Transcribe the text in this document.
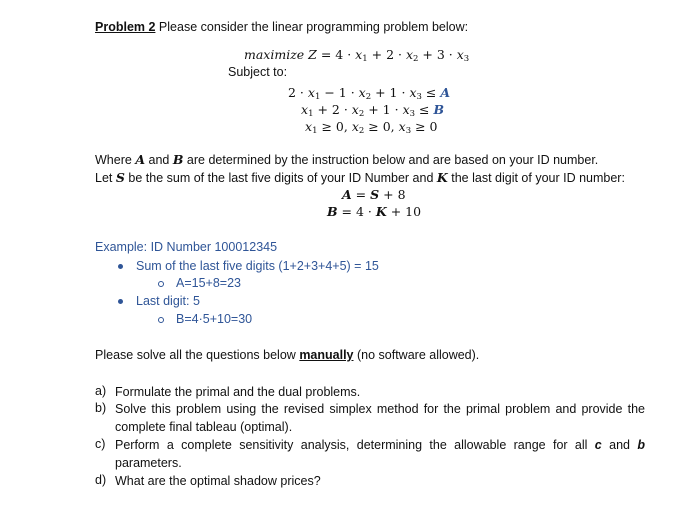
Problem 2 Please consider the linear programming problem below:
maximize $Z = 4 \cdot x_1 + 2 \cdot x_2 + 3 \cdot x_3$
Subject to:
$2 \cdot x_1 - 1 \cdot x_2 + 1 \cdot x_3 \le A$
$x_1 + 2 \cdot x_2 + 1 \cdot x_3 \le B$
$x_1 \ge 0$, $x_2 \ge 0$, $x_3 \ge 0$
Where A and B are determined by the instruction below and are based on your ID number.
Let S be the sum of the last five digits of your ID Number and K the last digit of your ID number:
A = S + 8
B = 4 · K + 10
Example: ID Number 100012345
Sum of the last five digits (1+2+3+4+5) = 15
A=15+8=23
Last digit: 5
B=4·5+10=30
Please solve all the questions below manually (no software allowed).
a) Formulate the primal and the dual problems.
b) Solve this problem using the revised simplex method for the primal problem and provide the complete final tableau (optimal).
c) Perform a complete sensitivity analysis, determining the allowable range for all c and b parameters.
d) What are the optimal shadow prices?
